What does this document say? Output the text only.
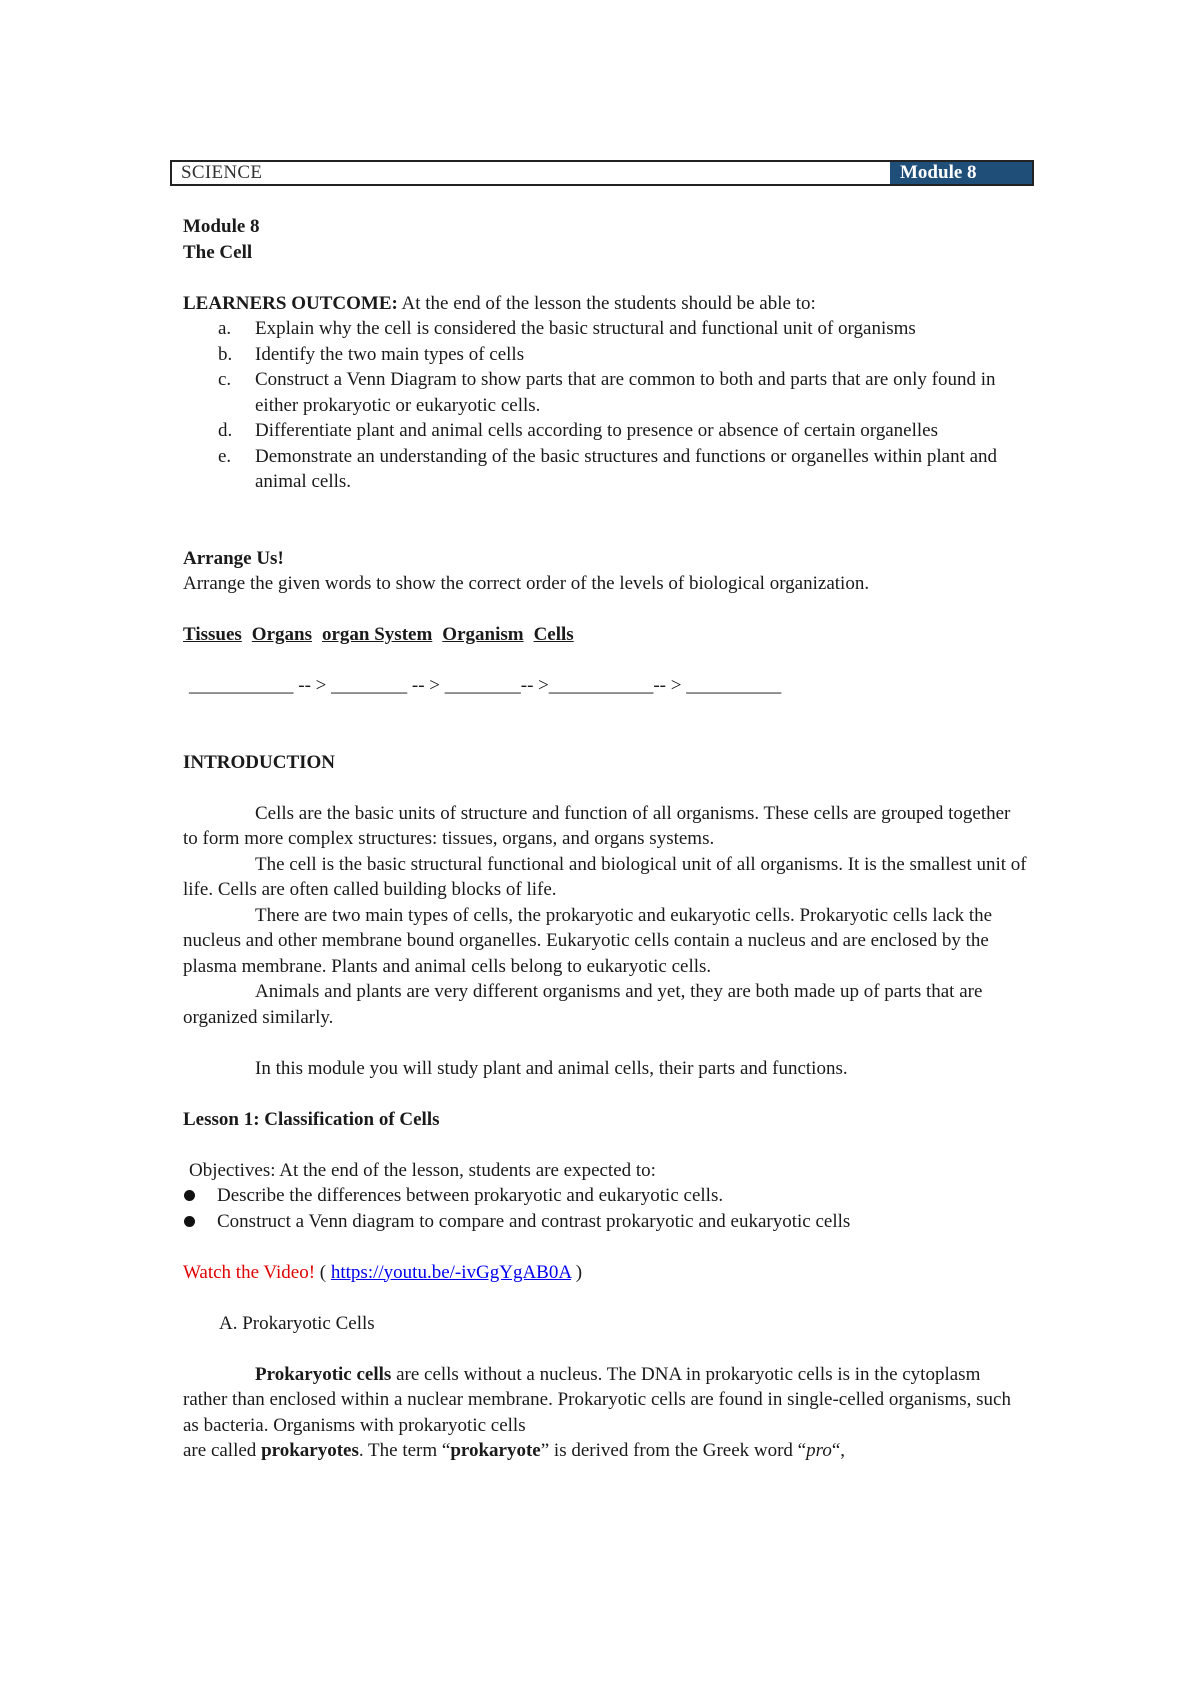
SCIENCE	Module 8

Module 8

The Cell

LEARNERS OUTCOME: At the end of the lesson the students should be able to:

a.	Explain why the cell is considered the basic structural and functional unit of organisms
b.	Identify the two main types of cells
c.	Construct a Venn Diagram to show parts that are common to both and parts that are only found in either prokaryotic or eukaryotic cells.
d.	Differentiate plant and animal cells according to presence or absence of certain organelles
e.	Demonstrate an understanding of the basic structures and functions or organelles within plant and animal cells.

Arrange Us!

Arrange the given words to show the correct order of the levels of biological organization.

Tissues Organs organ System Organism Cells

___________ -- > ________ -- > ________-- >___________-- > __________

INTRODUCTION

Cells are the basic units of structure and function of all organisms. These cells are grouped together to form more complex structures: tissues, organs, and organs systems.

The cell is the basic structural functional and biological unit of all organisms. It is the smallest unit of life. Cells are often called building blocks of life.

There are two main types of cells, the prokaryotic and eukaryotic cells. Prokaryotic cells lack the nucleus and other membrane bound organelles. Eukaryotic cells contain a nucleus and are enclosed by the plasma membrane. Plants and animal cells belong to eukaryotic cells.

Animals and plants are very different organisms and yet, they are both made up of parts that are organized similarly.

In this module you will study plant and animal cells, their parts and functions.

Lesson 1: Classification of Cells

Objectives: At the end of the lesson, students are expected to:

Describe the differences between prokaryotic and eukaryotic cells.
Construct a Venn diagram to compare and contrast prokaryotic and eukaryotic cells

Watch the Video! ( https://youtu.be/-ivGgYgAB0A )

A. Prokaryotic Cells

Prokaryotic cells are cells without a nucleus. The DNA in prokaryotic cells is in the cytoplasm rather than enclosed within a nuclear membrane. Prokaryotic cells are found in single-celled organisms, such as bacteria. Organisms with prokaryotic cells

are called prokaryotes. The term “prokaryote” is derived from the Greek word “pro“,
